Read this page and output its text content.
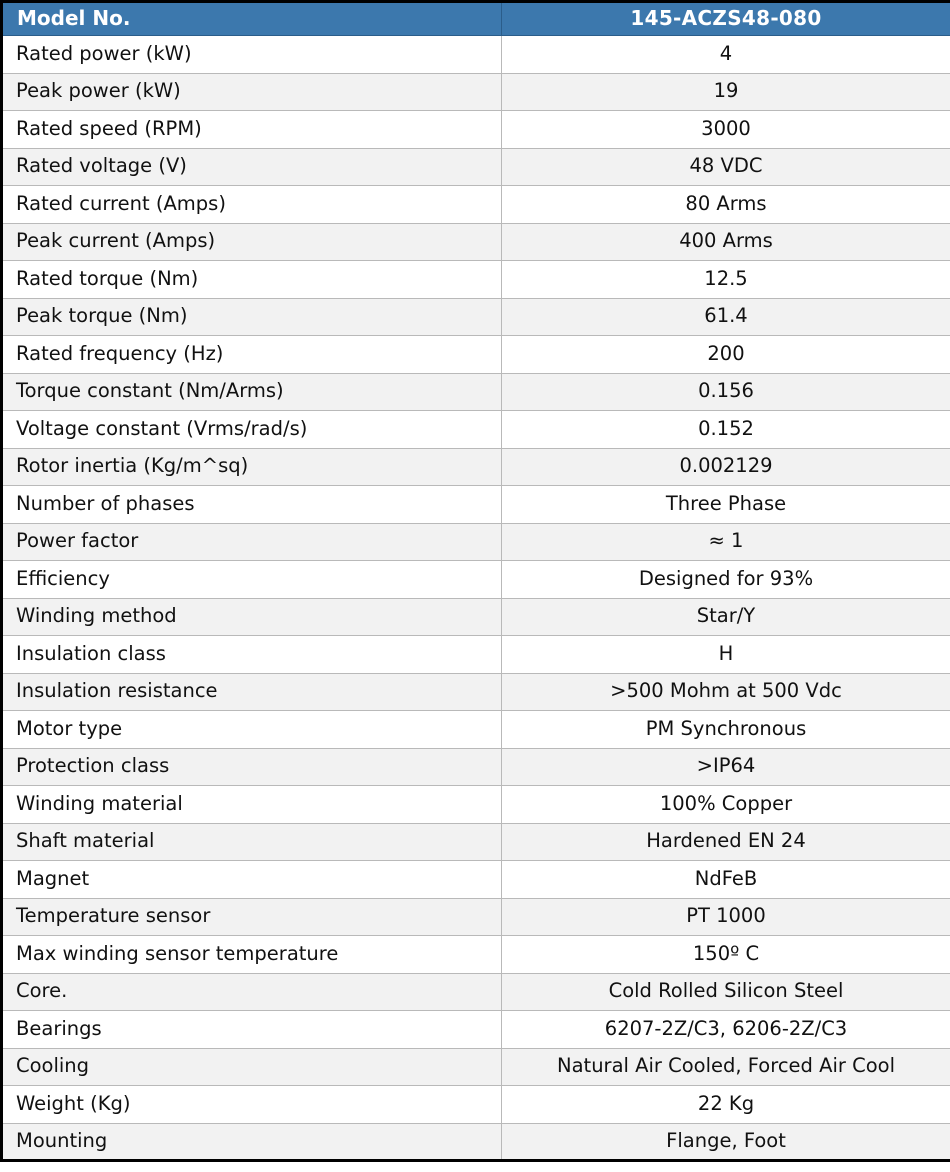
Model No.	145-ACZS48-080
Rated power (kW)	4
Peak power (kW)	19
Rated speed (RPM)	3000
Rated voltage (V)	48 VDC
Rated current (Amps)	80 Arms
Peak current (Amps)	400 Arms
Rated torque (Nm)	12.5
Peak torque (Nm)	61.4
Rated frequency (Hz)	200
Torque constant (Nm/Arms)	0.156
Voltage constant (Vrms/rad/s)	0.152
Rotor inertia (Kg/m^sq)	0.002129
Number of phases	Three Phase
Power factor	≈ 1
Efficiency	Designed for 93%
Winding method	Star/Y
Insulation class	H
Insulation resistance	>500 Mohm at 500 Vdc
Motor type	PM Synchronous
Protection class	>IP64
Winding material	100% Copper
Shaft material	Hardened EN 24
Magnet	NdFeB
Temperature sensor	PT 1000
Max winding sensor temperature	150º C
Core.	Cold Rolled Silicon Steel
Bearings	6207-2Z/C3, 6206-2Z/C3
Cooling	Natural Air Cooled, Forced Air Cool
Weight (Kg)	22 Kg
Mounting	Flange, Foot
